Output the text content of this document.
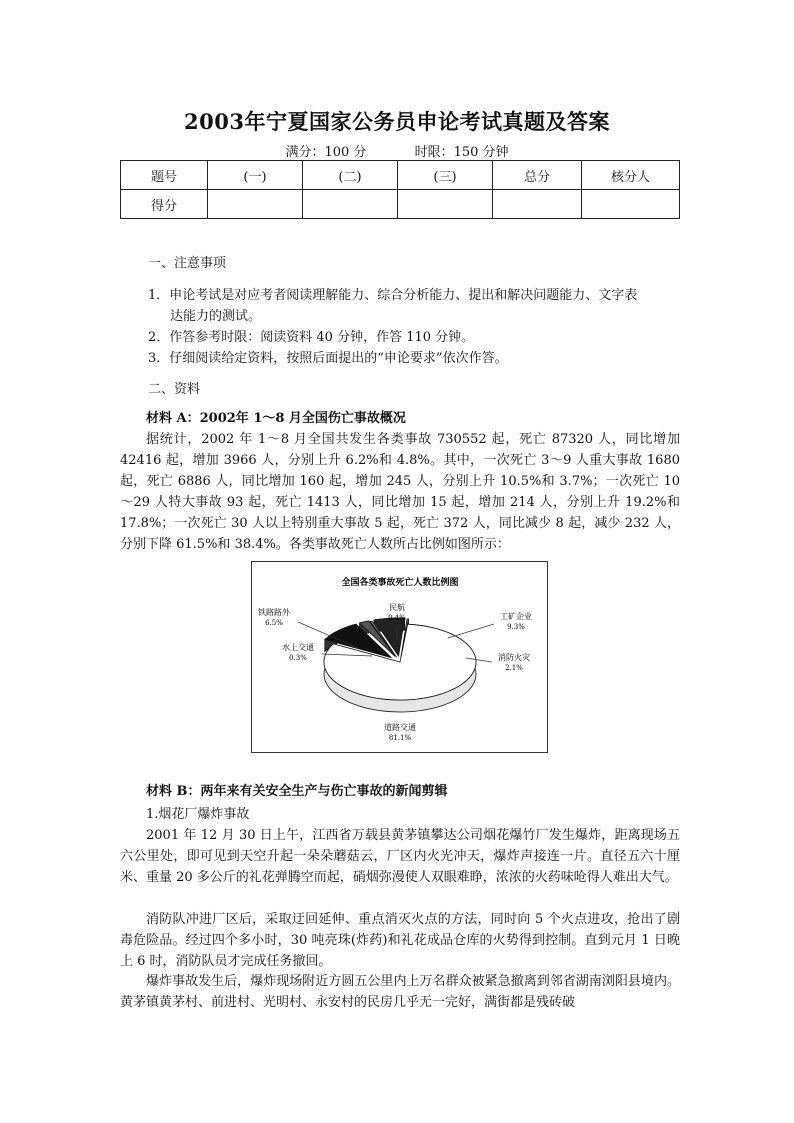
2003年宁夏国家公务员申论考试真题及答案
满分：100 分	时限：150 分钟
题号	(一)	(二)	(三)	总分	核分人
得分					
一、注意事项
1．申论考试是对应考者阅读理解能力、综合分析能力、提出和解决问题能力、文字表
达能力的测试。
2．作答参考时限：阅读资料 40 分钟，作答 110 分钟。
3．仔细阅读给定资料，按照后面提出的“申论要求”依次作答。
二、资料
材料 A：2002年 1～8 月全国伤亡事故概况
据统计，2002 年 1～8 月全国共发生各类事故 730552 起，死亡 87320 人，同比增加 42416 起，增加 3966 人，分别上升 6.2%和 4.8%。其中，一次死亡 3～9 人重大事故 1680 起，死亡 6886 人，同比增加 160 起，增加 245 人，分别上升 10.5%和 3.7%；一次死亡 10～29 人特大事故 93 起，死亡 1413 人，同比增加 15 起，增加 214 人，分别上升 19.2%和 17.8%；一次死亡 30 人以上特别重大事故 5 起，死亡 372 人，同比减少 8 起，减少 232 人，分别下降 61.5%和 38.4%。各类事故死亡人数所占比例如图所示：
全国各类事故死亡人数比例图
道路交通
81.1%
工矿企业
9.3%
消防火灾
2.1%
民航
0.4%
铁路路外
6.5%
水上交通
0.3%
材料 B：两年来有关安全生产与伤亡事故的新闻剪辑
1.烟花厂爆炸事故
2001 年 12 月 30 日上午，江西省万载县黄茅镇攀达公司烟花爆竹厂发生爆炸，距离现场五六公里处，即可见到天空升起一朵朵蘑菇云，厂区内火光冲天，爆炸声接连一片。直径五六十厘米、重量 20 多公斤的礼花弹腾空而起，硝烟弥漫使人双眼难睁，浓浓的火药味呛得人难出大气。
消防队冲进厂区后，采取迂回延伸、重点消灭火点的方法，同时向 5 个火点进攻，抢出了剧毒危险品。经过四个多小时，30 吨亮珠(炸药)和礼花成品仓库的火势得到控制。直到元月 1 日晚上 6 时，消防队员才完成任务撤回。
爆炸事故发生后，爆炸现场附近方圆五公里内上万名群众被紧急撤离到邻省湖南浏阳县境内。黄茅镇黄茅村、前进村、光明村、永安村的民房几乎无一完好，满街都是残砖破
